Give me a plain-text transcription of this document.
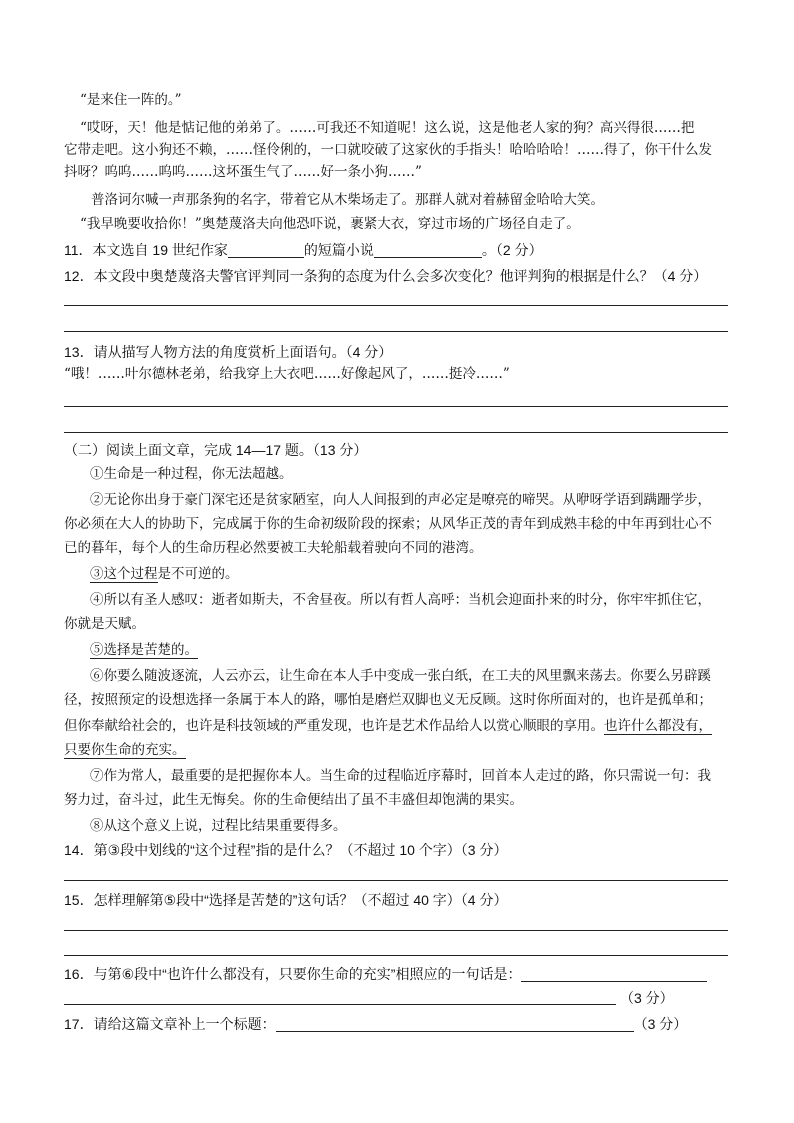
“是来住一阵的。”

“哎呀，天！他是惦记他的弟弟了。……可我还不知道呢！这么说，这是他老人家的狗？高兴得很……把

它带走吧。这小狗还不赖，……怪伶俐的，一口就咬破了这家伙的手指头！哈哈哈哈！……得了，你干什么发

抖呀？呜呜……呜呜……这坏蛋生气了……好一条小狗……”

普洛诃尔喊一声那条狗的名字，带着它从木柴场走了。那群人就对着赫留金哈哈大笑。

“我早晚要收拾你！”奥楚蔑洛夫向他恐吓说，裹紧大衣，穿过市场的广场径自走了。

11．本文选自 19 世纪作家	的短篇小说	。（2 分）

12．本文段中奥楚蔑洛夫警官评判同一条狗的态度为什么会多次变化？他评判狗的根据是什么？（4 分）

13．请从描写人物方法的角度赏析上面语句。（4 分）

“哦！……叶尔德林老弟，给我穿上大衣吧……好像起风了，……挺冷……”

（二）阅读上面文章，完成 14—17 题。（13 分）

①生命是一种过程，你无法超越。

②无论你出身于豪门深宅还是贫家陋室，向人人间报到的声必定是嘹亮的啼哭。从咿呀学语到蹒跚学步，

你必须在大人的协助下，完成属于你的生命初级阶段的探索；从风华正茂的青年到成熟丰稔的中年再到壮心不

已的暮年，每个人的生命历程必然要被工夫轮船载着驶向不同的港湾。

③这个过程是不可逆的。

④所以有圣人感叹：逝者如斯夫，不舍昼夜。所以有哲人高呼：当机会迎面扑来的时分，你牢牢抓住它，

你就是天赋。

⑤选择是苦楚的。

⑥你要么随波逐流，人云亦云，让生命在本人手中变成一张白纸，在工夫的风里飘来荡去。你要么另辟蹊

径，按照预定的设想选择一条属于本人的路，哪怕是磨烂双脚也义无反顾。这时你所面对的，也许是孤单和；

但你奉献给社会的，也许是科技领域的严重发现，也许是艺术作品给人以赏心顺眼的享用。也许什么都没有，

只要你生命的充实。

⑦作为常人，最重要的是把握你本人。当生命的过程临近序幕时，回首本人走过的路，你只需说一句：我

努力过，奋斗过，此生无悔矣。你的生命便结出了虽不丰盛但却饱满的果实。

⑧从这个意义上说，过程比结果重要得多。

14．第③段中划线的“这个过程”指的是什么？（不超过 10 个字）（3 分）

15．怎样理解第⑤段中“选择是苦楚的”这句话？（不超过 40 字）（4 分）

16．与第⑥段中“也许什么都没有，只要你生命的充实”相照应的一句话是：

（3 分）

17．请给这篇文章补上一个标题：	（3 分）
